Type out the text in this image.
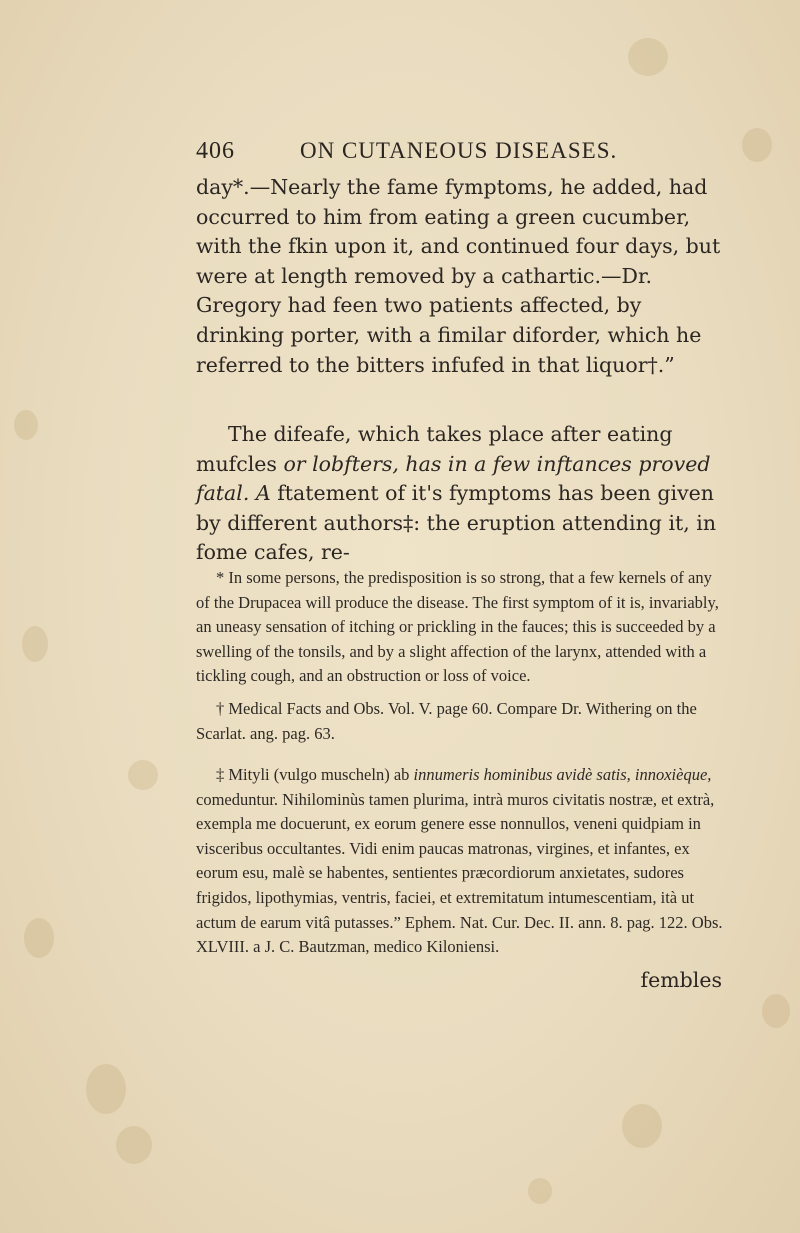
406	ON CUTANEOUS DISEASES.

day*.—Nearly the fame fymptoms, he added, had occurred to him from eating a green cucumber, with the fkin upon it, and continued four days, but were at length removed by a cathartic.—Dr. Gregory had feen two patients affected, by drinking porter, with a fimilar diforder, which he referred to the bitters infufed in that liquor†.”

The difeafe, which takes place after eating mufcles or lobfters, has in a few inftances proved fatal. A ftatement of it's fymptoms has been given by different authors‡: the eruption attending it, in fome cafes, re-

* In some persons, the predisposition is so strong, that a few kernels of any of the Drupacea will produce the disease. The first symptom of it is, invariably, an uneasy sensation of itching or prickling in the fauces; this is succeeded by a swelling of the tonsils, and by a slight affection of the larynx, attended with a tickling cough, and an obstruction or loss of voice.

† Medical Facts and Obs. Vol. V. page 60. Compare Dr. Withering on the Scarlat. ang. pag. 63.

‡ Mityli (vulgo muscheln) ab innumeris hominibus avidè satis, innoxièque, comeduntur. Nihilominùs tamen plurima, intrà muros civitatis nostræ, et extrà, exempla me docuerunt, ex eorum genere esse nonnullos, veneni quidpiam in visceribus occultantes. Vidi enim paucas matronas, virgines, et infantes, ex eorum esu, malè se habentes, sentientes præcordiorum anxietates, sudores frigidos, lipothymias, ventris, faciei, et extremitatum intumescentiam, ità ut actum de earum vitâ putasses.” Ephem. Nat. Cur. Dec. II. ann. 8. pag. 122. Obs. XLVIII. a J. C. Bautzman, medico Kiloniensi.

fembles
